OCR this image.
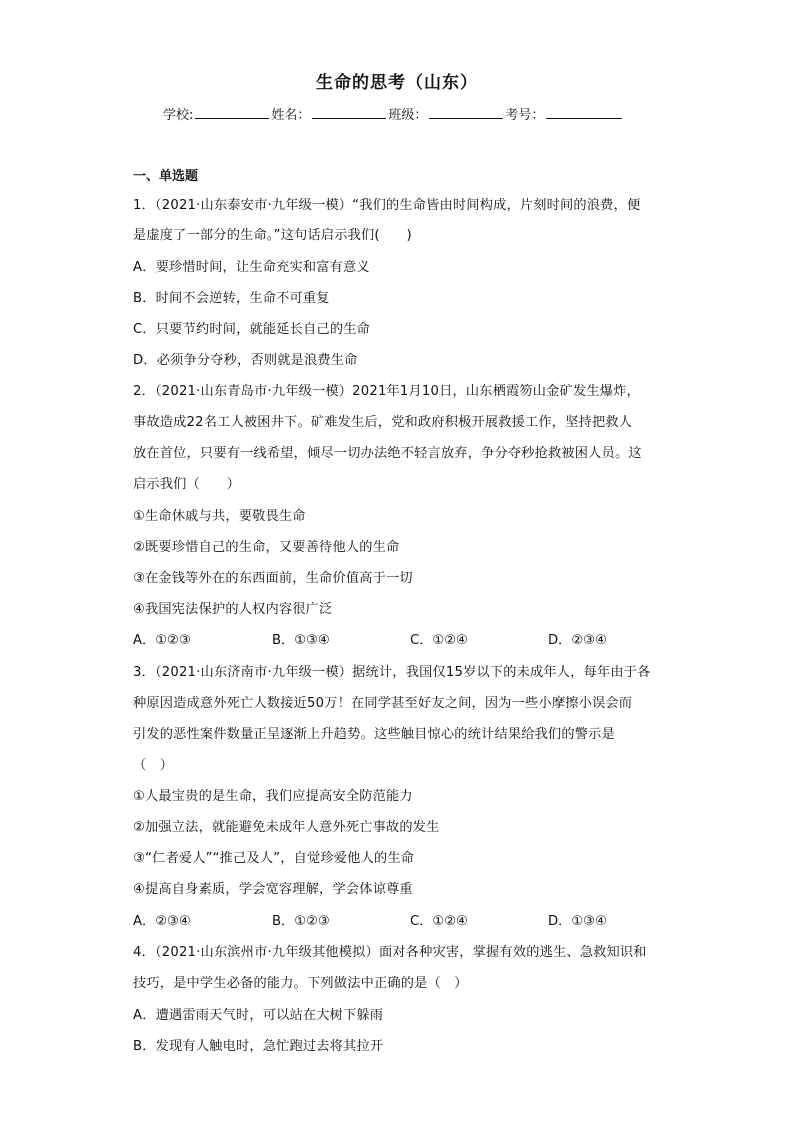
生命的思考（山东）
学校:	姓名：	班级：	考号：
一、单选题
1．（2021·山东泰安市·九年级一模）“我们的生命皆由时间构成，片刻时间的浪费，便
是虚度了一部分的生命。”这句话启示我们(　　)
A．要珍惜时间，让生命充实和富有意义
B．时间不会逆转，生命不可重复
C．只要节约时间，就能延长自己的生命
D．必须争分夺秒，否则就是浪费生命
2．（2021·山东青岛市·九年级一模）2021年1月10日，山东栖霞笏山金矿发生爆炸，
事故造成22名工人被困井下。矿难发生后，党和政府积极开展救援工作，坚持把救人
放在首位，只要有一线希望，倾尽一切办法绝不轻言放弃，争分夺秒抢救被困人员。这
启示我们（　　）
①生命休戚与共，要敬畏生命
②既要珍惜自己的生命，又要善待他人的生命
③在金钱等外在的东西面前，生命价值高于一切
④我国宪法保护的人权内容很广泛
A．①②③	B．①③④	C．①②④	D．②③④
3．（2021·山东济南市·九年级一模）据统计，我国仅15岁以下的未成年人，每年由于各
种原因造成意外死亡人数接近50万！在同学甚至好友之间，因为一些小摩擦小误会而
引发的恶性案件数量正呈逐渐上升趋势。这些触目惊心的统计结果给我们的警示是
（　）
①人最宝贵的是生命，我们应提高安全防范能力
②加强立法，就能避免未成年人意外死亡事故的发生
③“仁者爱人”“推己及人”，自觉珍爱他人的生命
④提高自身素质，学会宽容理解，学会体谅尊重
A．②③④	B．①②③	C．①②④	D．①③④
4．（2021·山东滨州市·九年级其他模拟）面对各种灾害，掌握有效的逃生、急救知识和
技巧，是中学生必备的能力。下列做法中正确的是（　）
A．遭遇雷雨天气时，可以站在大树下躲雨
B．发现有人触电时，急忙跑过去将其拉开
